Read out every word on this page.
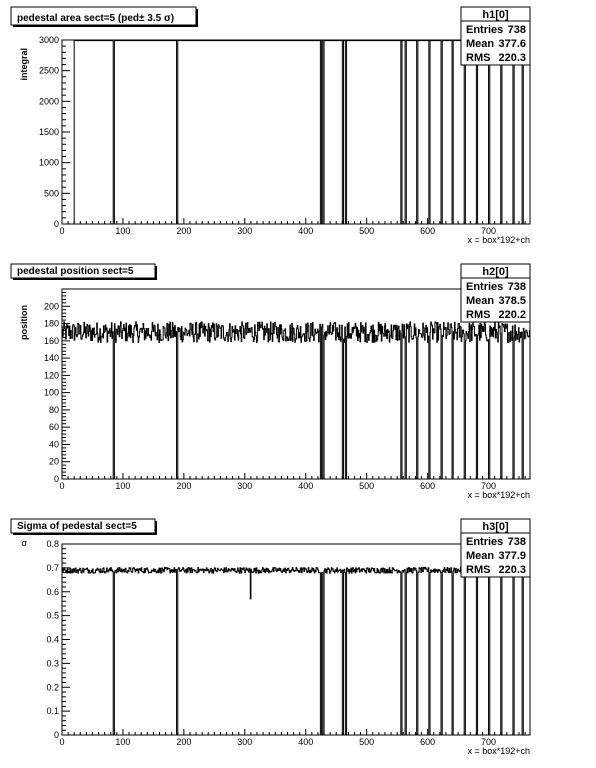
0	100	200	300	400	500	600	700
0
500
1000
1500
2000
2500
3000
x = box*192+ch
integral
pedestal area sect=5 (ped± 3.5 σ)	h1[0]
Entries 738
Mean 377.6
RMS 220.3
0	100	200	300	400	500	600	700
0
20
40
60
80
100
120
140
160
180
200
x = box*192+ch
position
pedestal position sect=5	h2[0]
Entries 738
Mean 378.5
RMS 220.2
0	100	200	300	400	500	600	700
0
0.1
0.2
0.3
0.4
0.5
0.6
0.7
0.8
x = box*192+ch
σ
Sigma of pedestal sect=5	h3[0]
Entries 738
Mean 377.9
RMS 220.3
